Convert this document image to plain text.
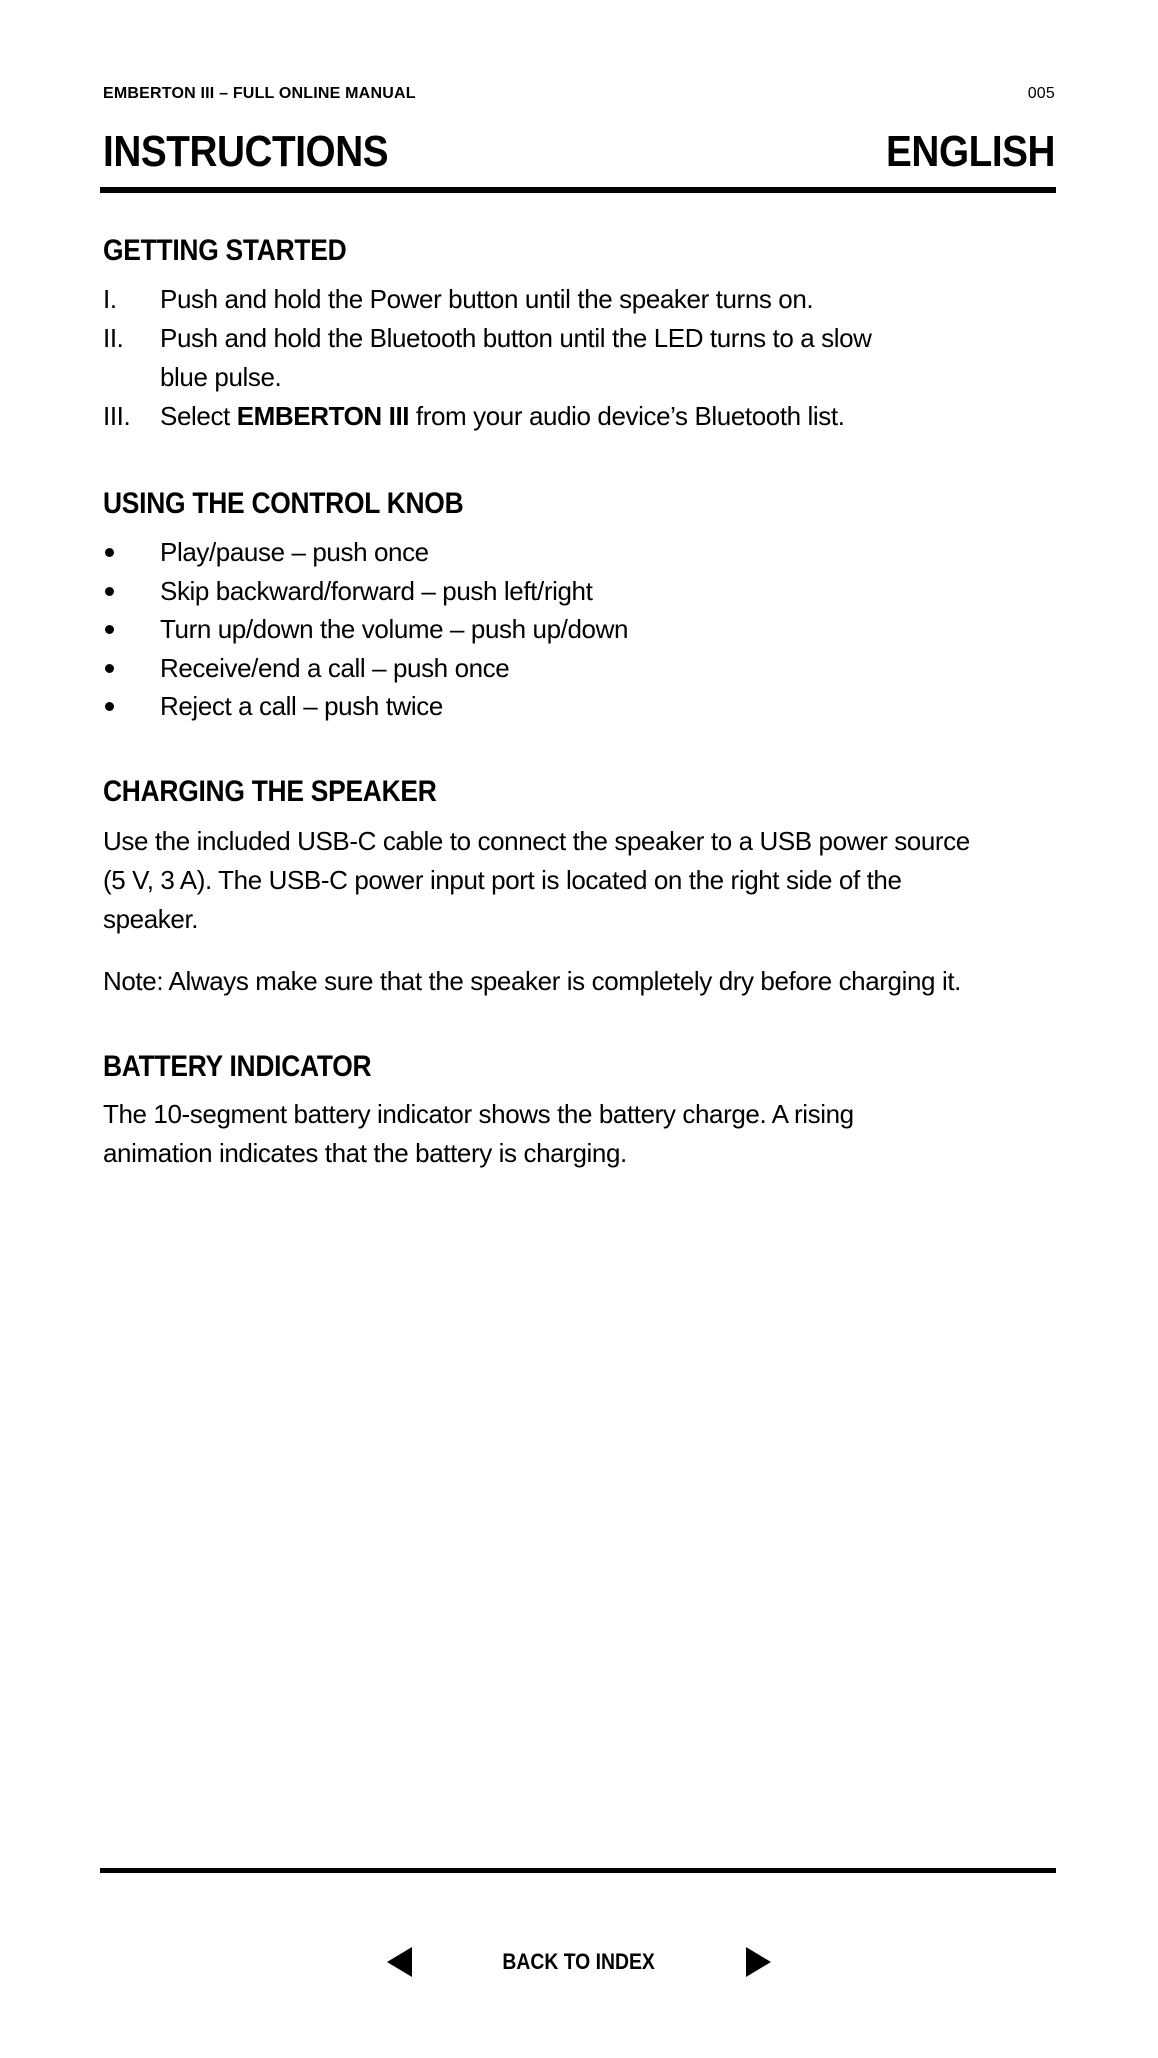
EMBERTON III – FULL ONLINE MANUAL	005
INSTRUCTIONS	ENGLISH
GETTING STARTED
I.	Push and hold the Power button until the speaker turns on.
II.	Push and hold the Bluetooth button until the LED turns to a slow
blue pulse.
III.	Select EMBERTON III from your audio device’s Bluetooth list.
USING THE CONTROL KNOB
Play/pause – push once
Skip backward/forward – push left/right
Turn up/down the volume – push up/down
Receive/end a call – push once
Reject a call – push twice
CHARGING THE SPEAKER
Use the included USB-C cable to connect the speaker to a USB power source
(5 V, 3 A). The USB-C power input port is located on the right side of the
speaker.
Note: Always make sure that the speaker is completely dry before charging it.
BATTERY INDICATOR
The 10-segment battery indicator shows the battery charge. A rising
animation indicates that the battery is charging.
BACK TO INDEX
